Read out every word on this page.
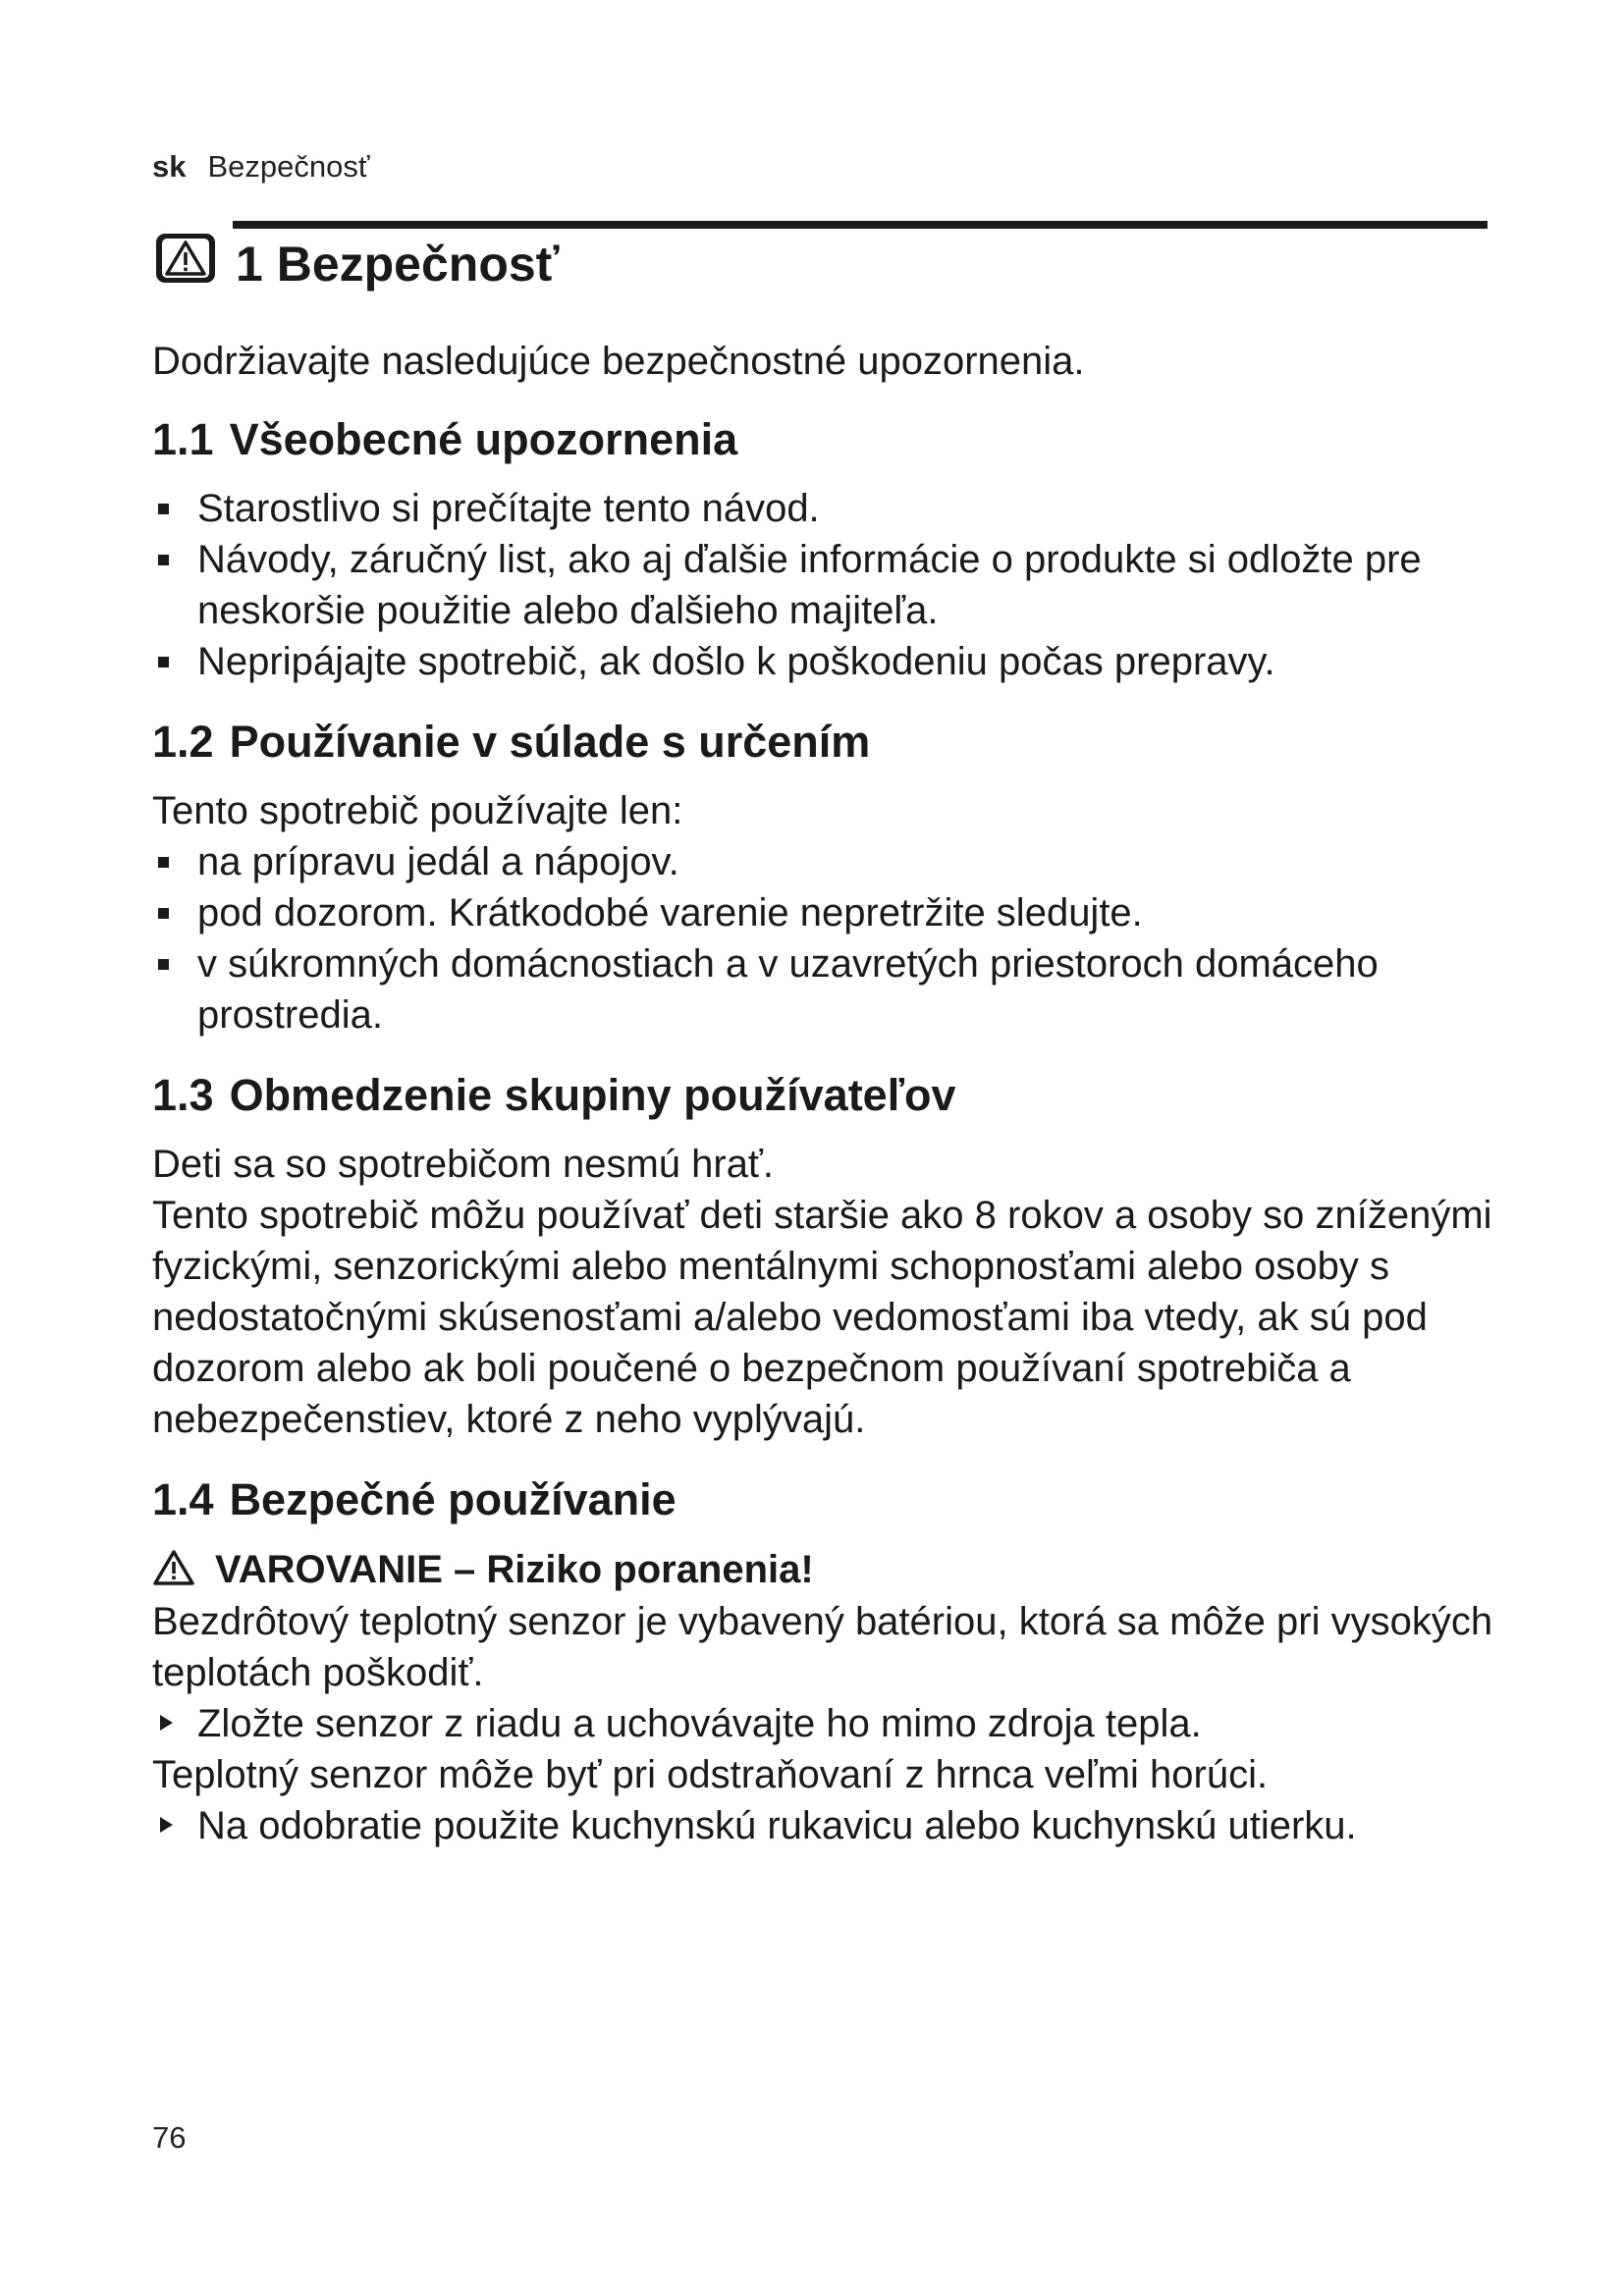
sk Bezpečnosť
1 Bezpečnosť

Dodržiavajte nasledujúce bezpečnostné upozornenia.

1.1 Všeobecné upozornenia
Starostlivo si prečítajte tento návod.
Návody, záručný list, ako aj ďalšie informácie o produkte si odložte pre neskoršie použitie alebo ďalšieho majiteľa.
Nepripájajte spotrebič, ak došlo k poškodeniu počas prepravy.
1.2 Používanie v súlade s určením

Tento spotrebič používajte len:

na prípravu jedál a nápojov.
pod dozorom. Krátkodobé varenie nepretržite sledujte.
v súkromných domácnostiach a v uzavretých priestoroch domáceho prostredia.
1.3 Obmedzenie skupiny používateľov

Deti sa so spotrebičom nesmú hrať.

Tento spotrebič môžu používať deti staršie ako 8 rokov a osoby so zníženými fyzickými, senzorickými alebo mentálnymi schopnosťami alebo osoby s nedostatočnými skúsenosťami a/alebo vedomosťami iba vtedy, ak sú pod dozorom alebo ak boli poučené o bezpečnom používaní spotrebiča a nebezpečenstiev, ktoré z neho vyplývajú.

1.4 Bezpečné používanie
VAROVANIE – Riziko poranenia!

Bezdrôtový teplotný senzor je vybavený batériou, ktorá sa môže pri vysokých teplotách poškodiť.

Zložte senzor z riadu a uchovávajte ho mimo zdroja tepla.

Teplotný senzor môže byť pri odstraňovaní z hrnca veľmi horúci.

Na odobratie použite kuchynskú rukavicu alebo kuchynskú utierku.
76
